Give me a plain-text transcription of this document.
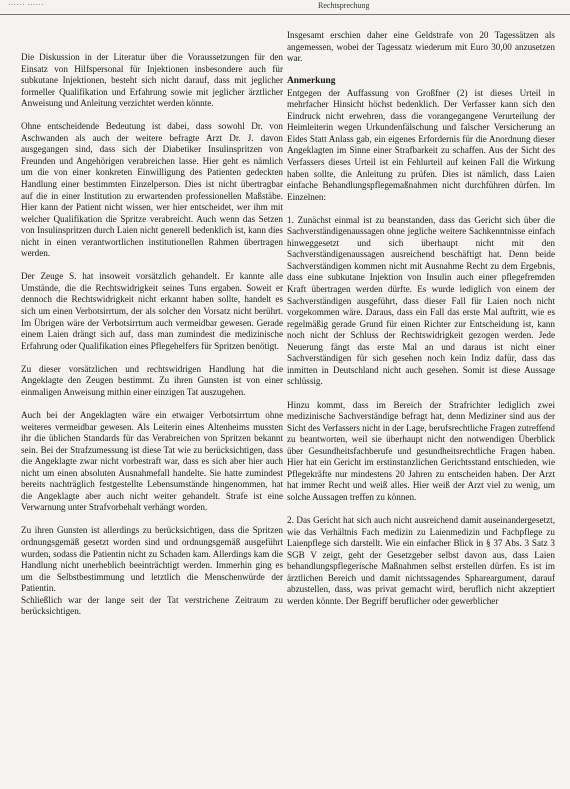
······ ······	Rechtsprechung

Die Diskussion in der Literatur über die Voraussetzungen für den Einsatz von Hilfspersonal für Injektionen insbesondere auch für subkutane Injektionen, besteht sich nicht darauf, dass mit jeglicher formeller Qualifikation und Erfahrung sowie mit jeglicher ärztlicher Anweisung und Anleitung verzichtet werden könnte.

Ohne entscheidende Bedeutung ist dabei, dass sowohl Dr. von Aschwanden als auch der weitere befragte Arzt Dr. J. davon ausgegangen sind, dass sich der Diabetiker Insulinspritzen von Freunden und Angehörigen verabreichen lasse. Hier geht es nämlich um die von einer konkreten Einwilligung des Patienten gedeckten Handlung einer bestimmten Einzelperson. Dies ist nicht übertragbar auf die in einer Institution zu erwartenden professionellen Maßstäbe. Hier kann der Patient nicht wissen, wer hier entscheidet, wer ihm mit welcher Qualifikation die Spritze verabreicht. Auch wenn das Setzen von Insulinspritzen durch Laien nicht generell bedenklich ist, kann dies nicht in einen verantwortlichen institutionellen Rahmen übertragen werden.

Der Zeuge S. hat insoweit vorsätzlich gehandelt. Er kannte alle Umstände, die die Rechtswidrigkeit seines Tuns ergaben. Soweit er dennoch die Rechtswidrigkeit nicht erkannt haben sollte, handelt es sich um einen Verbotsirrtum, der als solcher den Vorsatz nicht berührt. Im Übrigen wäre der Verbotsirrtum auch vermeidbar gewesen. Gerade einem Laien drängt sich auf, dass man zumindest die medizinische Erfahrung oder Qualifikation eines Pflegehelfers für Spritzen benötigt.

Zu dieser vorsätzlichen und rechtswidrigen Handlung hat die Angeklagte den Zeugen bestimmt. Zu ihren Gunsten ist von einer einmaligen Anweisung mithin einer einzigen Tat auszugehen.

Auch bei der Angeklagten wäre ein etwaiger Verbotsirrtum ohne weiteres vermeidbar gewesen. Als Leiterin eines Altenheims mussten ihr die üblichen Standards für das Verabreichen von Spritzen bekannt sein. Bei der Strafzumessung ist diese Tat wie zu berücksichtigen, dass die Angeklagte zwar nicht vorbestraft war, dass es sich aber hier auch nicht um einen absoluten Ausnahmefall handelte. Sie hatte zumindest bereits nachträglich festgestellte Lebensumstände hingenommen, hat die Angeklagte aber auch nicht weiter gehandelt. Strafe ist eine Verwarnung unter Strafvorbehalt verhängt worden.

Zu ihren Gunsten ist allerdings zu berücksichtigen, dass die Spritzen ordnungsgemäß gesetzt worden sind und ordnungsgemäß ausgeführt wurden, sodass die Patientin nicht zu Schaden kam. Allerdings kam die Handlung nicht unerheblich beeinträchtigt werden. Immerhin ging es um die Selbstbestimmung und letztlich die Menschenwürde der Patientin.

Schließlich war der lange seit der Tat verstrichene Zeitraum zu berücksichtigen.

Insgesamt erschien daher eine Geldstrafe von 20 Tagessätzen als angemessen, wobei der Tagessatz wiederum mit Euro 30,00 anzusetzen war.

Anmerkung

Entgegen der Auffassung von Großfner (2) ist dieses Urteil in mehrfacher Hinsicht höchst bedenklich. Der Verfasser kann sich den Eindruck nicht erwehren, dass die vorangegangene Verurteilung der Heimleiterin wegen Urkundenfälschung und falscher Versicherung an Eides Statt Anlass gab, ein eigenes Erfordernis für die Anordnung dieser Angeklagten im Sinne einer Strafbarkeit zu schaffen. Aus der Sicht des Verfassers dieses Urteil ist ein Fehlurteil auf keinen Fall die Wirkung haben sollte, die Anleitung zu prüfen. Dies ist nämlich, dass Laien einfache Behandlungspflegemaßnahmen nicht durchführen dürfen. Im Einzelnen:

1. Zunächst einmal ist zu beanstanden, dass das Gericht sich über die Sachverständigenaussagen ohne jegliche weitere Sachkenntnisse einfach hinweggesetzt und sich überhaupt nicht mit den Sachverständigenaussagen ausreichend beschäftigt hat. Denn beide Sachverständigen kommen nicht mit Ausnahme Recht zu dem Ergebnis, dass eine subkutane Injektion von Insulin auch einer pflegefremden Kraft übertragen werden dürfte. Es wurde lediglich von einem der Sachverständigen ausgeführt, dass dieser Fall für Laien noch nicht vorgekommen wäre. Daraus, dass ein Fall das erste Mal auftritt, wie es regelmäßig gerade Grund für einen Richter zur Entscheidung ist, kann noch nicht der Schluss der Rechtswidrigkeit gezogen werden. Jede Neuerung fängt das erste Mal an und daraus ist nicht einer Sachverständigen für sich gesehen noch kein Indiz dafür, dass das inmitten in Deutschland nicht auch gesehen. Somit ist diese Aussage schlüssig.

Hinzu kommt, dass im Bereich der Strafrichter lediglich zwei medizinische Sachverständige befragt hat, denn Mediziner sind aus der Sicht des Verfassers nicht in der Lage, berufsrechtliche Fragen zutreffend zu beantworten, weil sie überhaupt nicht den notwendigen Überblick über Gesundheitsfachberufe und gesundheitsrechtliche Fragen haben. Hier hat ein Gericht im erstinstanzlichen Gerichtsstand entschieden, wie Pflegekräfte nur mindestens 20 Jahren zu entscheiden haben. Der Arzt hat immer Recht und weiß alles. Hier weiß der Arzt viel zu wenig, um solche Aussagen treffen zu können.

2. Das Gericht hat sich auch nicht ausreichend damit auseinandergesetzt, wie das Verhältnis Fach medizin zu Laienmedizin und Fachpflege zu Laienpflege sich darstellt. Wie ein einfacher Blick in § 37 Abs. 3 Satz 3 SGB V zeigt, geht der Gesetzgeber selbst davon aus, dass Laien behandlungspflegerische Maßnahmen selbst erstellen dürfen. Es ist im ärztlichen Bereich und damit nichtssagendes Sphareargument, darauf abzustellen, dass, was privat gemacht wird, beruflich nicht akzeptiert werden könnte. Der Begriff beruflicher oder gewerblicher
